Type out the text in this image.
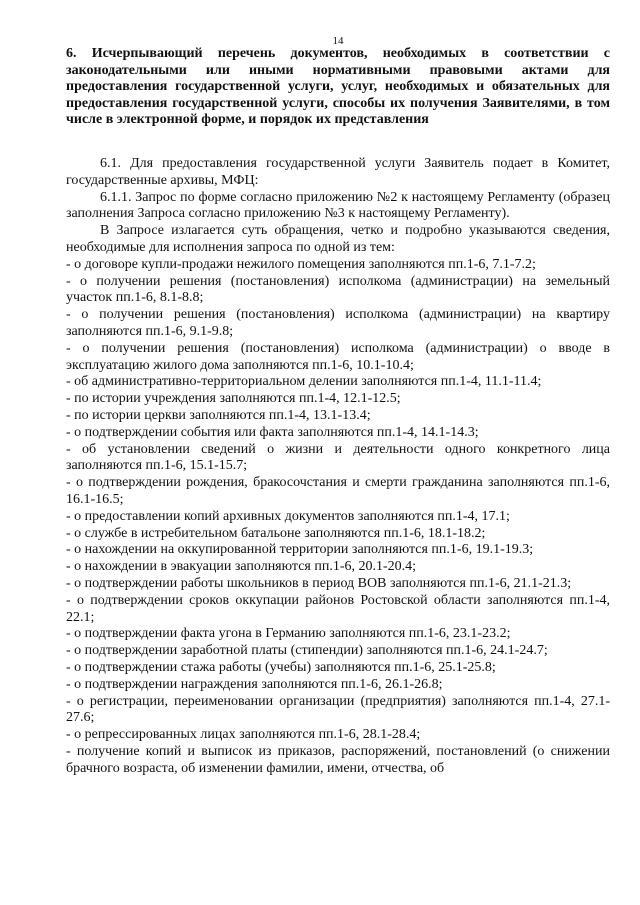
14
6. Исчерпывающий перечень документов, необходимых в соответствии с законодательными или иными нормативными правовыми актами для предоставления государственной услуги, услуг, необходимых и обязательных для предоставления государственной услуги, способы их получения Заявителями, в том числе в электронной форме, и порядок их представления

6.1. Для предоставления государственной услуги Заявитель подает в Комитет, государственные архивы, МФЦ:

6.1.1. Запрос по форме согласно приложению №2 к настоящему Регламенту (образец заполнения Запроса согласно приложению №3 к настоящему Регламенту).

В Запросе излагается суть обращения, четко и подробно указываются сведения, необходимые для исполнения запроса по одной из тем:

- о договоре купли-продажи нежилого помещения заполняются пп.1-6, 7.1-7.2;

- о получении решения (постановления) исполкома (администрации) на земельный участок пп.1-6, 8.1-8.8;

- о получении решения (постановления) исполкома (администрации) на квартиру заполняются пп.1-6, 9.1-9.8;

- о получении решения (постановления) исполкома (администрации) о вводе в эксплуатацию жилого дома заполняются пп.1-6, 10.1-10.4;

- об административно-территориальном делении заполняются пп.1-4, 11.1-11.4;

- по истории учреждения заполняются пп.1-4, 12.1-12.5;

- по истории церкви заполняются пп.1-4, 13.1-13.4;

- о подтверждении события или факта заполняются пп.1-4, 14.1-14.3;

- об установлении сведений о жизни и деятельности одного конкретного лица заполняются пп.1-6, 15.1-15.7;

- о подтверждении рождения, бракосочстания и смерти гражданина заполняются пп.1-6, 16.1-16.5;

- о предоставлении копий архивных документов заполняются пп.1-4, 17.1;

- о службе в истребительном батальоне заполняются пп.1-6, 18.1-18.2;

- о нахождении на оккупированной территории заполняются пп.1-6, 19.1-19.3;

- о нахождении в эвакуации заполняются пп.1-6, 20.1-20.4;

- о подтверждении работы школьников в период ВОВ заполняются пп.1-6, 21.1-21.3;

- о подтверждении сроков оккупации районов Ростовской области заполняются пп.1-4, 22.1;

- о подтверждении факта угона в Германию заполняются пп.1-6, 23.1-23.2;

- о подтверждении заработной платы (стипендии) заполняются пп.1-6, 24.1-24.7;

- о подтверждении стажа работы (учебы) заполняются пп.1-6, 25.1-25.8;

- о подтверждении награждения заполняются пп.1-6, 26.1-26.8;

- о регистрации, переименовании организации (предприятия) заполняются пп.1-4, 27.1-27.6;

- о репрессированных лицах заполняются пп.1-6, 28.1-28.4;

- получение копий и выписок из приказов, распоряжений, постановлений (о снижении брачного возраста, об изменении фамилии, имени, отчества, об
